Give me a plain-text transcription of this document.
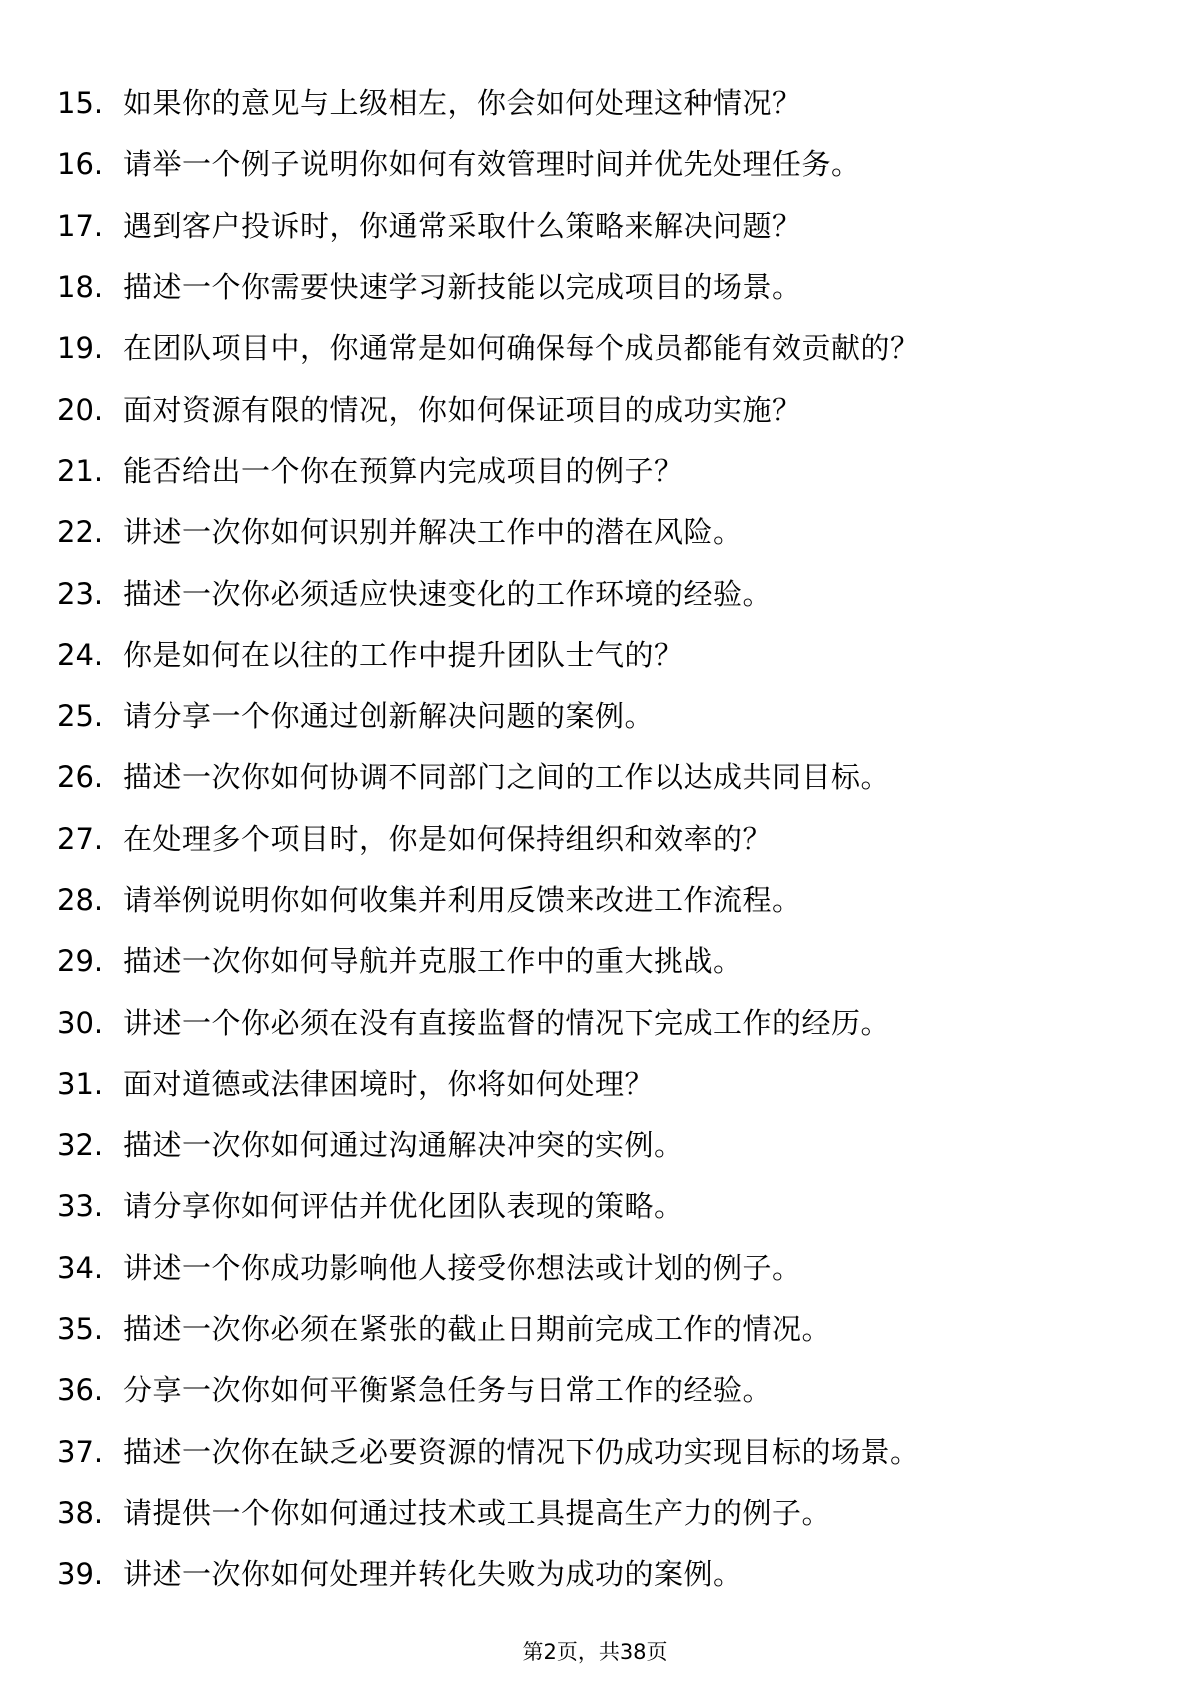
15. 如果你的意见与上级相左，你会如何处理这种情况？
16. 请举一个例子说明你如何有效管理时间并优先处理任务。
17. 遇到客户投诉时，你通常采取什么策略来解决问题？
18. 描述一个你需要快速学习新技能以完成项目的场景。
19. 在团队项目中，你通常是如何确保每个成员都能有效贡献的？
20. 面对资源有限的情况，你如何保证项目的成功实施？
21. 能否给出一个你在预算内完成项目的例子？
22. 讲述一次你如何识别并解决工作中的潜在风险。
23. 描述一次你必须适应快速变化的工作环境的经验。
24. 你是如何在以往的工作中提升团队士气的？
25. 请分享一个你通过创新解决问题的案例。
26. 描述一次你如何协调不同部门之间的工作以达成共同目标。
27. 在处理多个项目时，你是如何保持组织和效率的？
28. 请举例说明你如何收集并利用反馈来改进工作流程。
29. 描述一次你如何导航并克服工作中的重大挑战。
30. 讲述一个你必须在没有直接监督的情况下完成工作的经历。
31. 面对道德或法律困境时，你将如何处理？
32. 描述一次你如何通过沟通解决冲突的实例。
33. 请分享你如何评估并优化团队表现的策略。
34. 讲述一个你成功影响他人接受你想法或计划的例子。
35. 描述一次你必须在紧张的截止日期前完成工作的情况。
36. 分享一次你如何平衡紧急任务与日常工作的经验。
37. 描述一次你在缺乏必要资源的情况下仍成功实现目标的场景。
38. 请提供一个你如何通过技术或工具提高生产力的例子。
39. 讲述一次你如何处理并转化失败为成功的案例。
第2页，共38页
